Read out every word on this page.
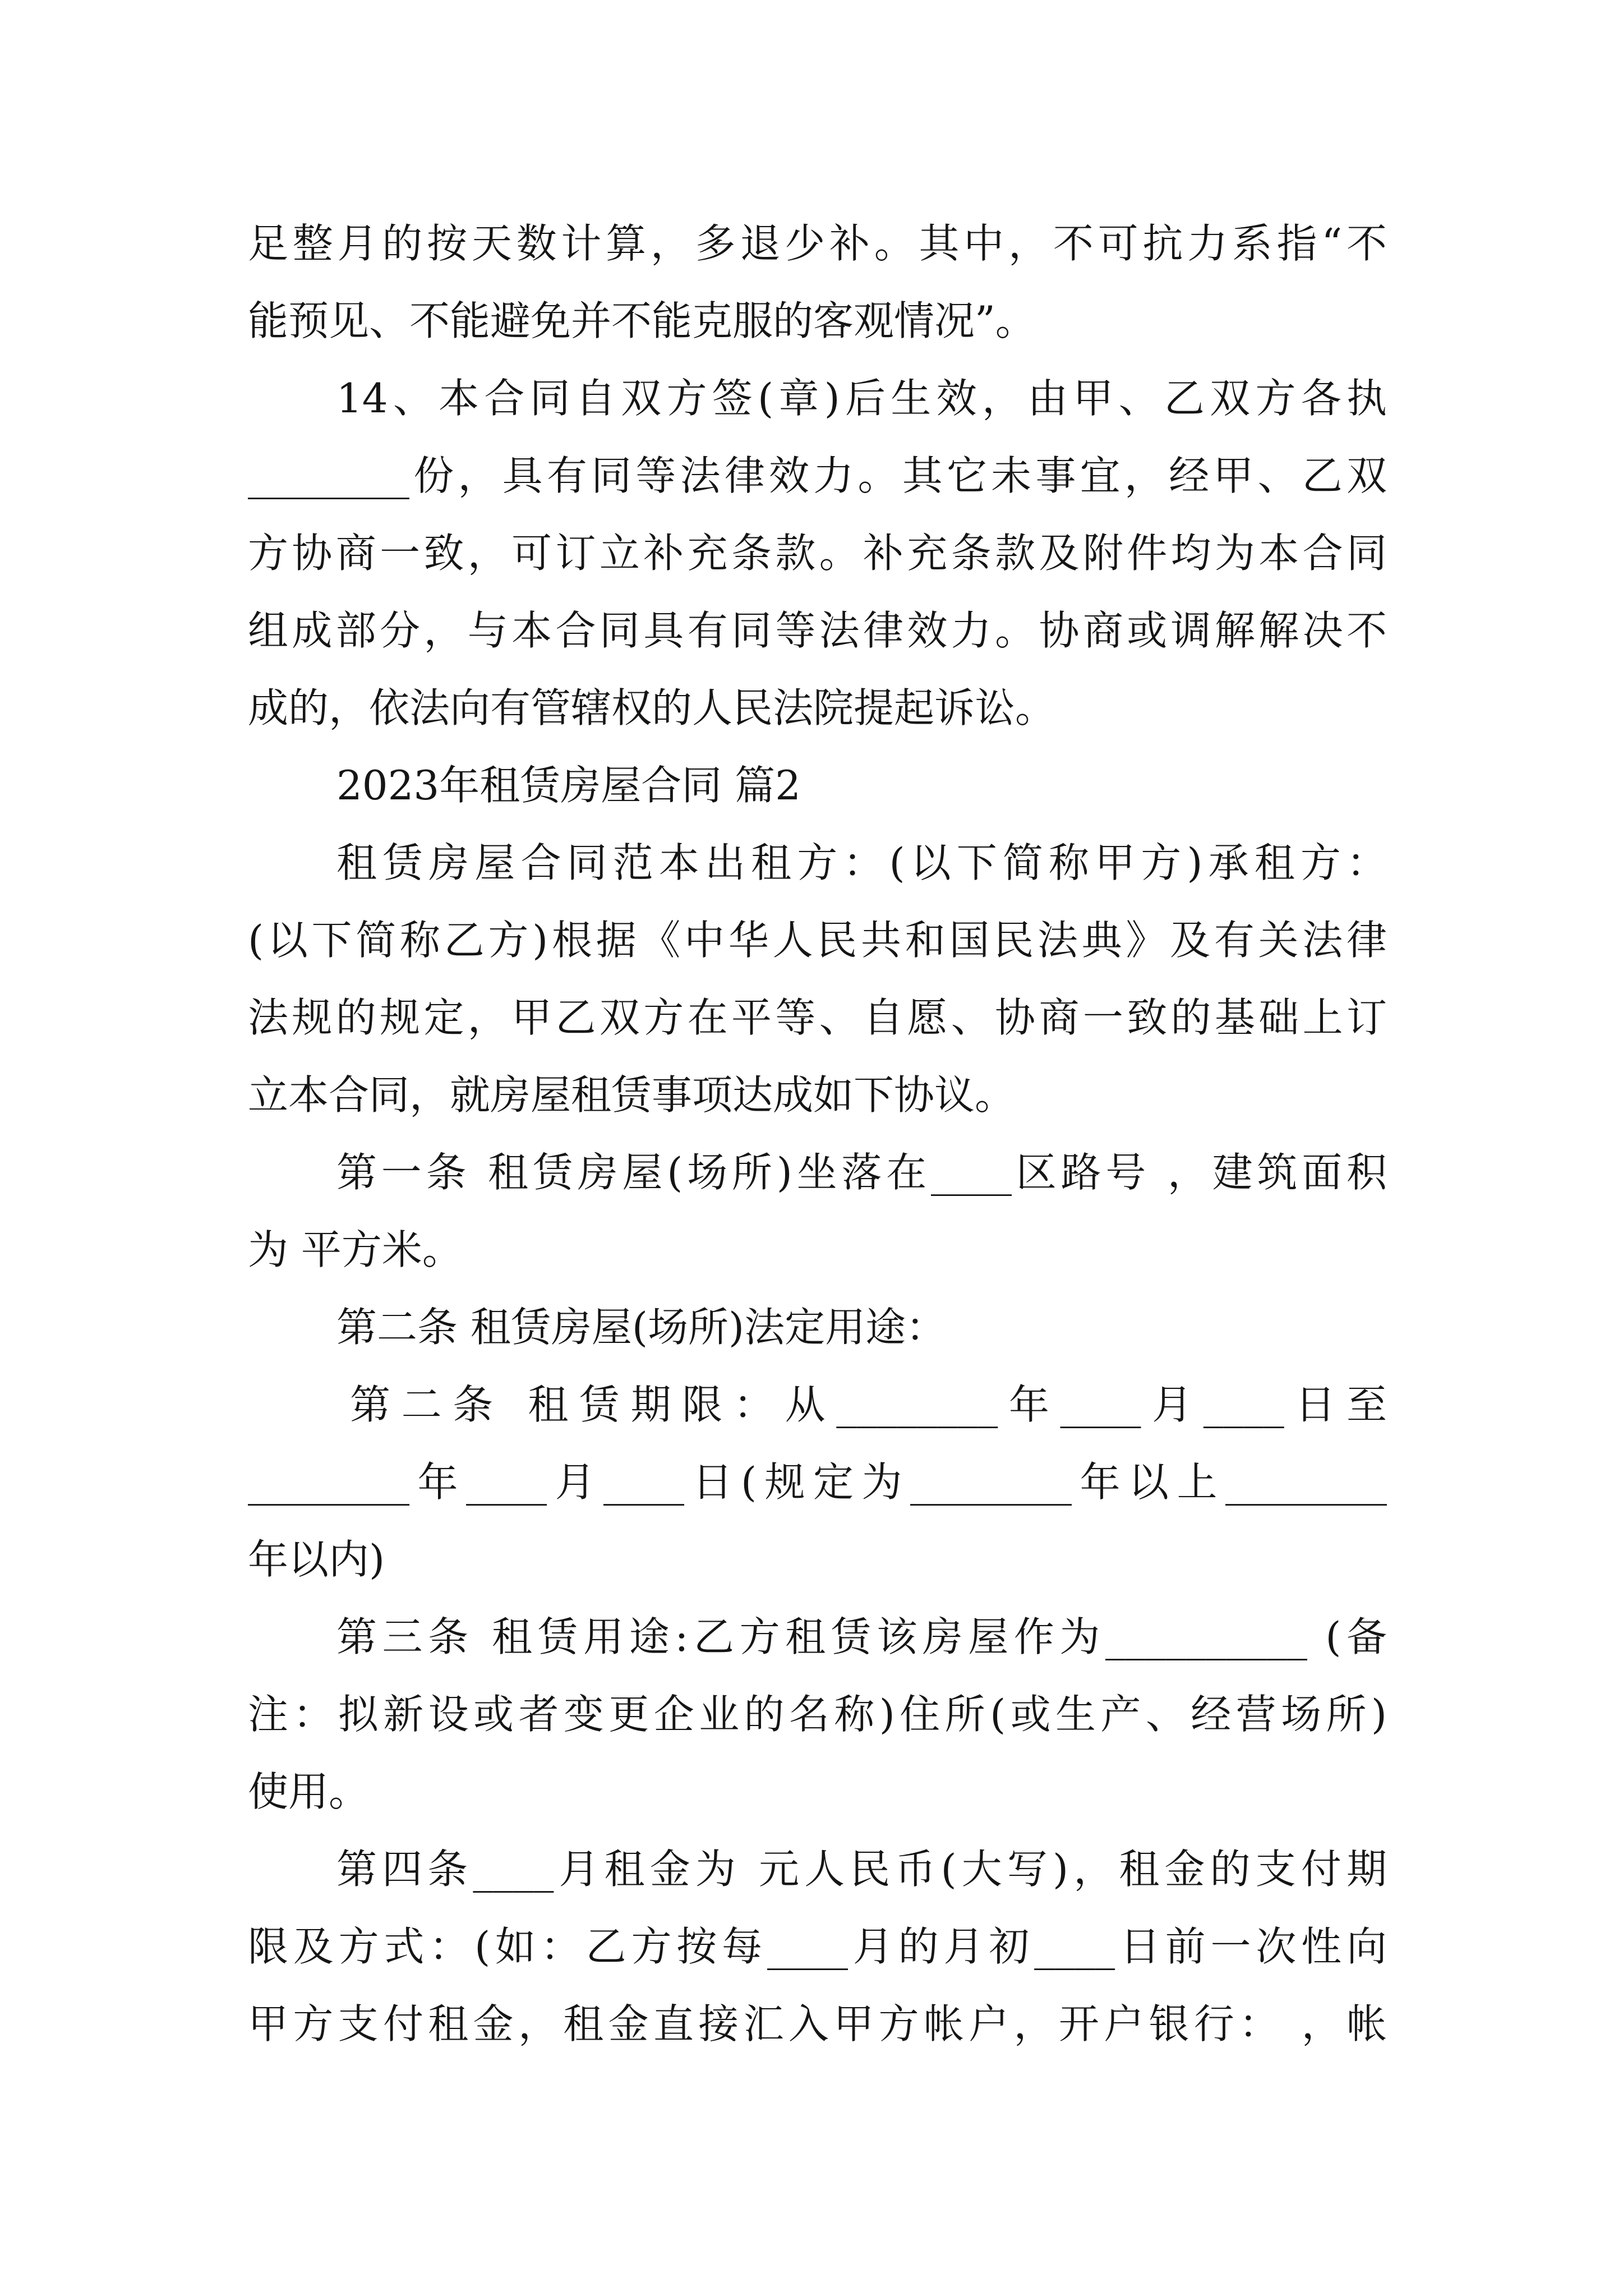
足整月的按天数计算，多退少补。其中，不可抗力系指“不
能预见、不能避免并不能克服的客观情况”。
14、本合同自双方签(章)后生效，由甲、乙双方各执
________份，具有同等法律效力。其它未事宜，经甲、乙双
方协商一致，可订立补充条款。补充条款及附件均为本合同
组成部分，与本合同具有同等法律效力。协商或调解解决不
成的，依法向有管辖权的人民法院提起诉讼。
2023年租赁房屋合同 篇2
租赁房屋合同范本出租方：(以下简称甲方)承租方：
(以下简称乙方)根据《中华人民共和国民法典》及有关法律
法规的规定，甲乙双方在平等、自愿、协商一致的基础上订
立本合同，就房屋租赁事项达成如下协议。
第一条 租赁房屋(场所)坐落在____区路号 ，建筑面积
为 平方米。
第二条 租赁房屋(场所)法定用途：
第二条 租赁期限：从________年____月____日至
________年____月____日(规定为________年以上________
年以内)
第三条 租赁用途:乙方租赁该房屋作为__________ (备
注：拟新设或者变更企业的名称)住所(或生产、经营场所)
使用。
第四条____月租金为 元人民币(大写)，租金的支付期
限及方式：(如：乙方按每____月的月初____日前一次性向
甲方支付租金，租金直接汇入甲方帐户，开户银行： ，帐
